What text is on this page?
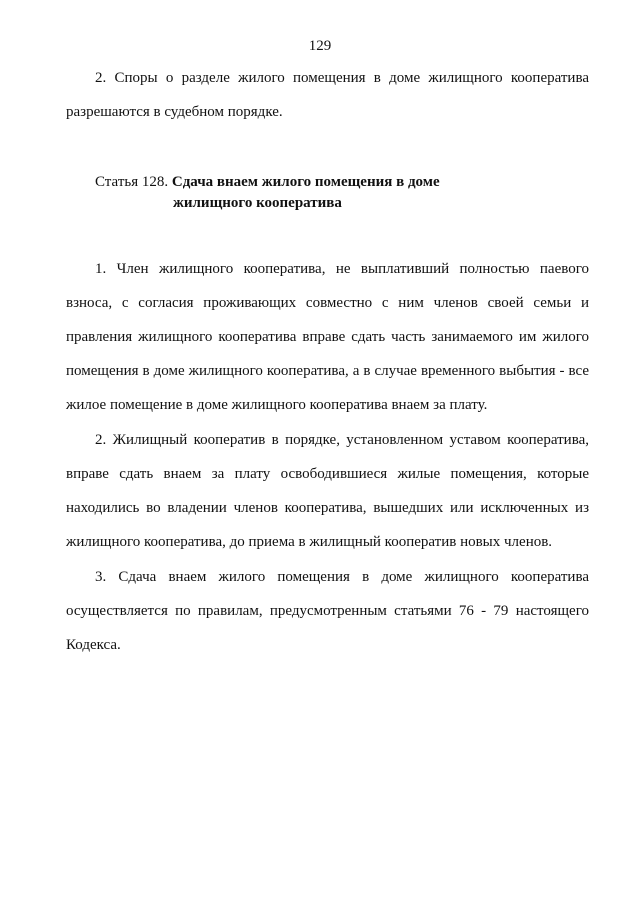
129

2. Споры о разделе жилого помещения в доме жилищного кооператива разрешаются в судебном порядке.

Статья 128. Сдача внаем жилого помещения в доме
жилищного кооператива

1. Член жилищного кооператива, не выплативший полностью паевого взноса, с согласия проживающих совместно с ним членов своей семьи и правления жилищного кооператива вправе сдать часть занимаемого им жилого помещения в доме жилищного кооператива, а в случае временного выбытия - все жилое помещение в доме жилищного кооператива внаем за плату.

2. Жилищный кооператив в порядке, установленном уставом кооператива, вправе сдать внаем за плату освободившиеся жилые помещения, которые находились во владении членов кооператива, вышедших или исключенных из жилищного кооператива, до приема в жилищный кооператив новых членов.

3. Сдача внаем жилого помещения в доме жилищного кооператива осуществляется по правилам, предусмотренным статьями 76 - 79 настоящего Кодекса.
